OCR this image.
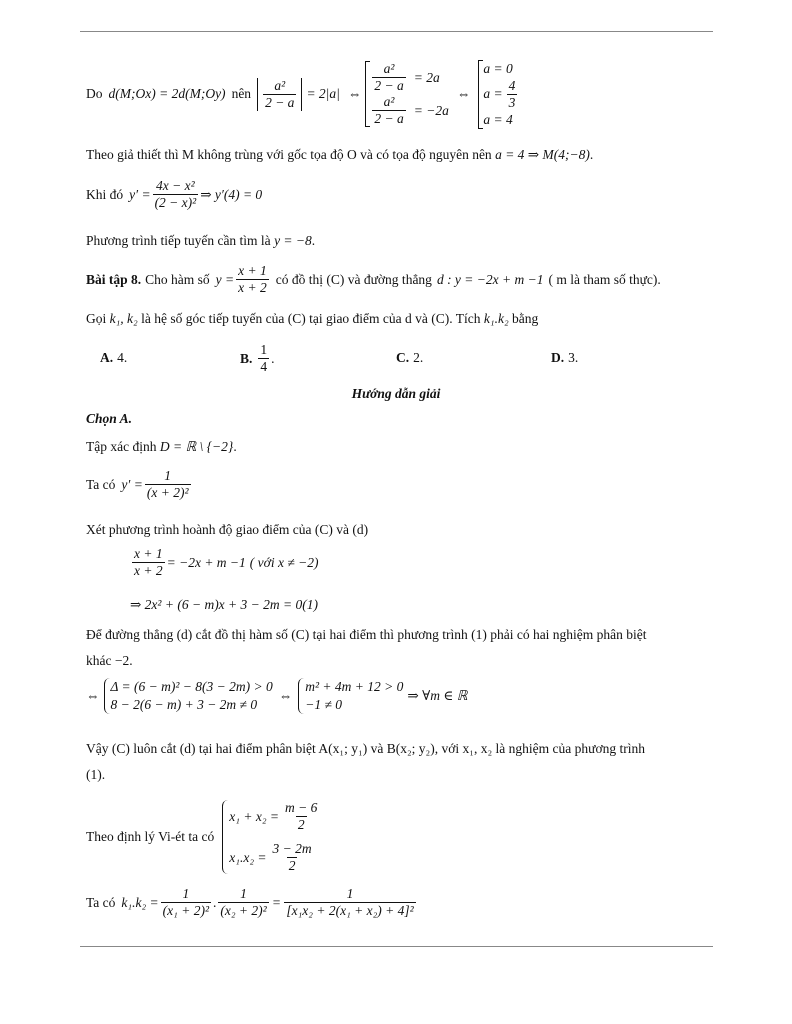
Do d(M;Ox) = 2d(M;Oy) nên $\frac{\text{a²}}{2 - a} = 2|a|$ ⇔ $\frac{\text{a²}}{2 - a} = 2a$
$\frac{\text{a²}}{2 - a} = -2a$
⇔
a = 0
$a = \frac{4}{3}$
a = 4
Theo giả thiết thì M không trùng với gốc tọa độ O và có tọa độ nguyên nên a = 4 ⇒ M(4;−8).
Khi đó $y' = \frac{\text{4x − x²}}{\text{(2 − x)²}}$ ⇒ y′(4) = 0
Phương trình tiếp tuyến cần tìm là y = −8.
Bài tập 8. Cho hàm số $y = \frac{x + 1}{x + 2}$ có đồ thị (C) và đường thẳng d : y = −2x + m −1 ( m là tham số thực).
Gọi k₁, k₂ là hệ số góc tiếp tuyến của (C) tại giao điểm của d và (C). Tích k₁.k₂ bằng
A. 4.	B. $\frac{1}{4}$ .	C. 2.	D. 3.
Hướng dẫn giải
Chọn A.
Tập xác định D = ℝ \ {−2}.
Ta có $y' = \frac{1}{\text{(x + 2)²}}$
Xét phương trình hoành độ giao điểm của (C) và (d)
$\frac{x + 1}{x + 2} = -2x + m -1$ ( với x ≠ −2)
⇒ 2x² + (6 − m)x + 3 − 2m = 0(1)
Để đường thẳng (d) cắt đồ thị hàm số (C) tại hai điểm thì phương trình (1) phải có hai nghiệm phân biệt
khác −2.
⇔
Δ = (6 − m)² − 8(3 − 2m) > 0
8 − 2(6 − m) + 3 − 2m ≠ 0
⇔
m² + 4m + 12 > 0
−1 ≠ 0
⇒ ∀m ∈ ℝ
Vậy (C) luôn cắt (d) tại hai điểm phân biệt A(x₁; y₁) và B(x₂; y₂), với x₁, x₂ là nghiệm của phương trình
(1).
Theo định lý Vi-ét ta có
$x_1 + x_2 = \frac{m - 6}{2}$
$x_1.x_2 = \frac{3 - 2m}{2}$
Ta có $k_1.k_2 = \frac{1}{\text{(x₁ + 2)²}}$ . $\frac{1}{\text{(x₂ + 2)²}} = \frac{1}{\text{[x₁x₂ + 2(x₁ + x₂) + 4]²}}$
